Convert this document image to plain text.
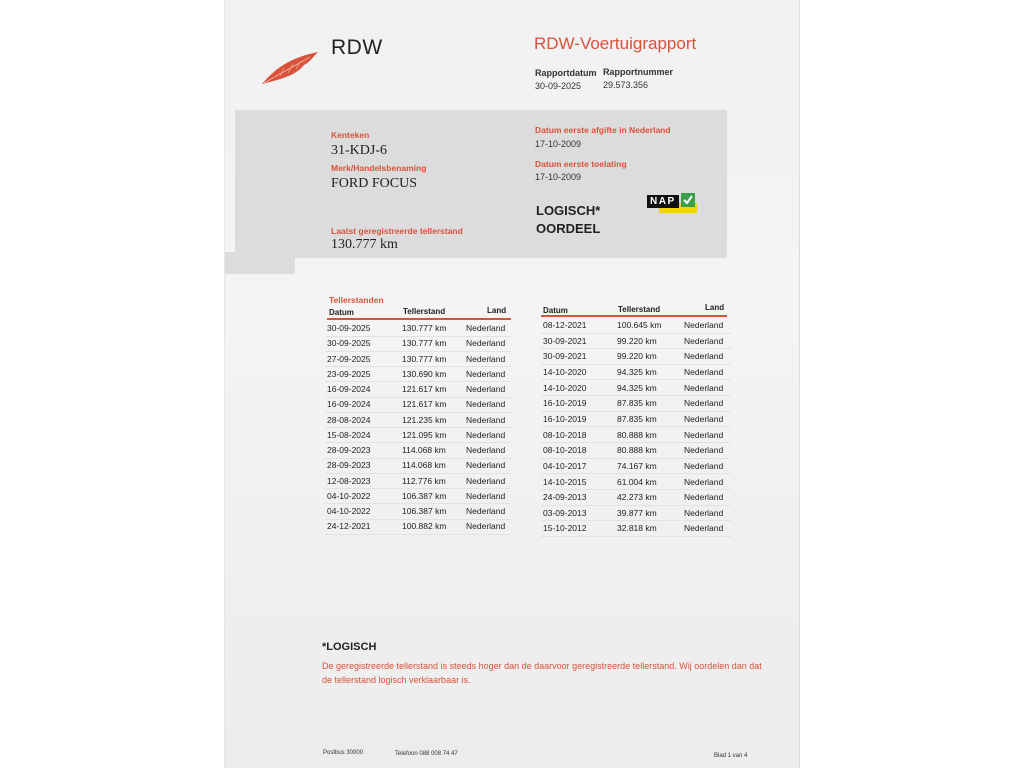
RDW	RDW-Voertuigrapport
Rapportdatum
30-09-2025
Rapportnummer
29.573.356
Kenteken
31-KDJ-6
Merk/Handelsbenaming
FORD FOCUS
Laatst geregistreerde tellerstand
130.777 km
Datum eerste afgifte in Nederland
17-10-2009
Datum eerste toelating
17-10-2009
LOGISCH*
OORDEEL
NAP
Tellerstanden
Datum	Tellerstand	Land	Datum	Tellerstand	Land
30-09-2025	130.777 km Nederland
30-09-2025	130.777 km Nederland
27-09-2025	130.777 km Nederland
23-09-2025	130.690 km Nederland
16-09-2024	121.617 km Nederland
16-09-2024	121.617 km Nederland
28-08-2024	121.235 km Nederland
15-08-2024	121.095 km Nederland
28-09-2023	114.068 km Nederland
28-09-2023	114.068 km Nederland
12-08-2023	112.776 km Nederland
04-10-2022	106.387 km Nederland
04-10-2022	106.387 km Nederland
24-12-2021	100.882 km Nederland
08-12-2021	100.645 km	Nederland
30-09-2021	99.220 km	Nederland
30-09-2021	99.220 km	Nederland
14-10-2020	94.325 km	Nederland
14-10-2020	94.325 km	Nederland
16-10-2019	87.835 km	Nederland
16-10-2019	87.835 km	Nederland
08-10-2018	80.888 km	Nederland
08-10-2018	80.888 km	Nederland
04-10-2017	74.167 km	Nederland
14-10-2015	61.004 km	Nederland
24-09-2013	42.273 km	Nederland
03-09-2013	39.877 km	Nederland
15-10-2012	32.818 km	Nederland
*LOGISCH
De geregistreerde tellerstand is steeds hoger dan de daarvoor geregistreerde tellerstand. Wij oordelen dan dat de tellerstand logisch verklaarbaar is.
Postbus 30000	Telefoon 088 008 74 47	Blad 1 van 4
